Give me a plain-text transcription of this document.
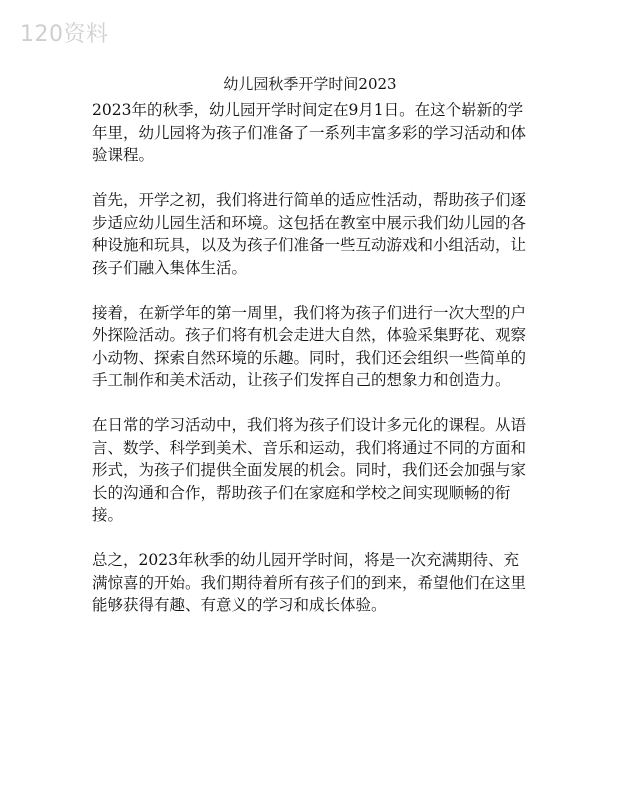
120资料
幼儿园秋季开学时间2023

2023年的秋季，幼儿园开学时间定在9月1日。在这个崭新的学年里，幼儿园将为孩子们准备了一系列丰富多彩的学习活动和体验课程。

首先，开学之初，我们将进行简单的适应性活动，帮助孩子们逐步适应幼儿园生活和环境。这包括在教室中展示我们幼儿园的各种设施和玩具，以及为孩子们准备一些互动游戏和小组活动，让孩子们融入集体生活。

接着，在新学年的第一周里，我们将为孩子们进行一次大型的户外探险活动。孩子们将有机会走进大自然，体验采集野花、观察小动物、探索自然环境的乐趣。同时，我们还会组织一些简单的手工制作和美术活动，让孩子们发挥自己的想象力和创造力。

在日常的学习活动中，我们将为孩子们设计多元化的课程。从语言、数学、科学到美术、音乐和运动，我们将通过不同的方面和形式，为孩子们提供全面发展的机会。同时，我们还会加强与家长的沟通和合作，帮助孩子们在家庭和学校之间实现顺畅的衔接。

总之，2023年秋季的幼儿园开学时间，将是一次充满期待、充满惊喜的开始。我们期待着所有孩子们的到来，希望他们在这里能够获得有趣、有意义的学习和成长体验。
